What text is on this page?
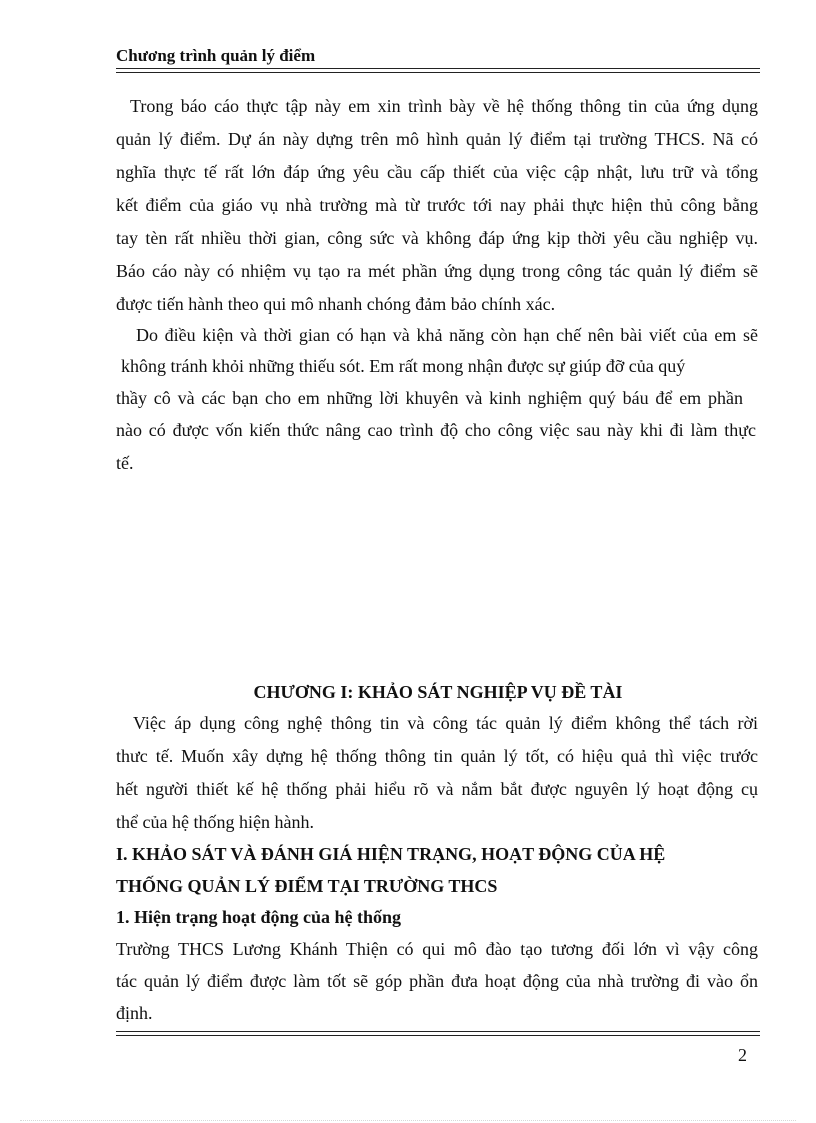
Chương trình quản lý điểm
Trong báo cáo thực tập này em xin trình bày về hệ thống thông tin của ứng dụng
quản lý điểm. Dự án này dựng trên mô hình quản lý điểm tại trường THCS. Nã có
nghĩa thực tế rất lớn đáp ứng yêu cầu cấp thiết của việc cập nhật, lưu trữ và tổng
kết điểm của giáo vụ nhà trường mà từ trước tới nay phải thực hiện thủ công bằng
tay tèn rất nhiều thời gian, công sức và không đáp ứng kịp thời yêu cầu nghiệp vụ.
Báo cáo này có nhiệm vụ tạo ra mét phần ứng dụng trong công tác quản lý điểm sẽ
được tiến hành theo qui mô nhanh chóng đảm bảo chính xác.
Do điều kiện và thời gian có hạn và khả năng còn hạn chế nên bài viết của em sẽ
không tránh khỏi những thiếu sót. Em rất mong nhận được sự giúp đỡ của quý
thầy cô và các bạn cho em những lời khuyên và kinh nghiệm quý báu để em phần
nào có được vốn kiến thức nâng cao trình độ cho công việc sau này khi đi làm thực
tế.
CHƯƠNG I: KHẢO SÁT NGHIỆP VỤ ĐỀ TÀI
Việc áp dụng công nghệ thông tin và công tác quản lý điểm không thể tách rời
thưc tế. Muốn xây dựng hệ thống thông tin quản lý tốt, có hiệu quả thì việc trước
hết người thiết kế hệ thống phải hiểu rõ và nắm bắt được nguyên lý hoạt động cụ
thể của hệ thống hiện hành.
I. KHẢO SÁT VÀ ĐÁNH GIÁ HIỆN TRẠNG, HOẠT ĐỘNG CỦA HỆ
THỐNG QUẢN LÝ ĐIỂM TẠI TRƯỜNG THCS
1. Hiện trạng hoạt động của hệ thống
Trường THCS Lương Khánh Thiện có qui mô đào tạo tương đối lớn vì vậy công
tác quản lý điểm được làm tốt sẽ góp phần đưa hoạt động của nhà trường đi vào ổn
định.
2
